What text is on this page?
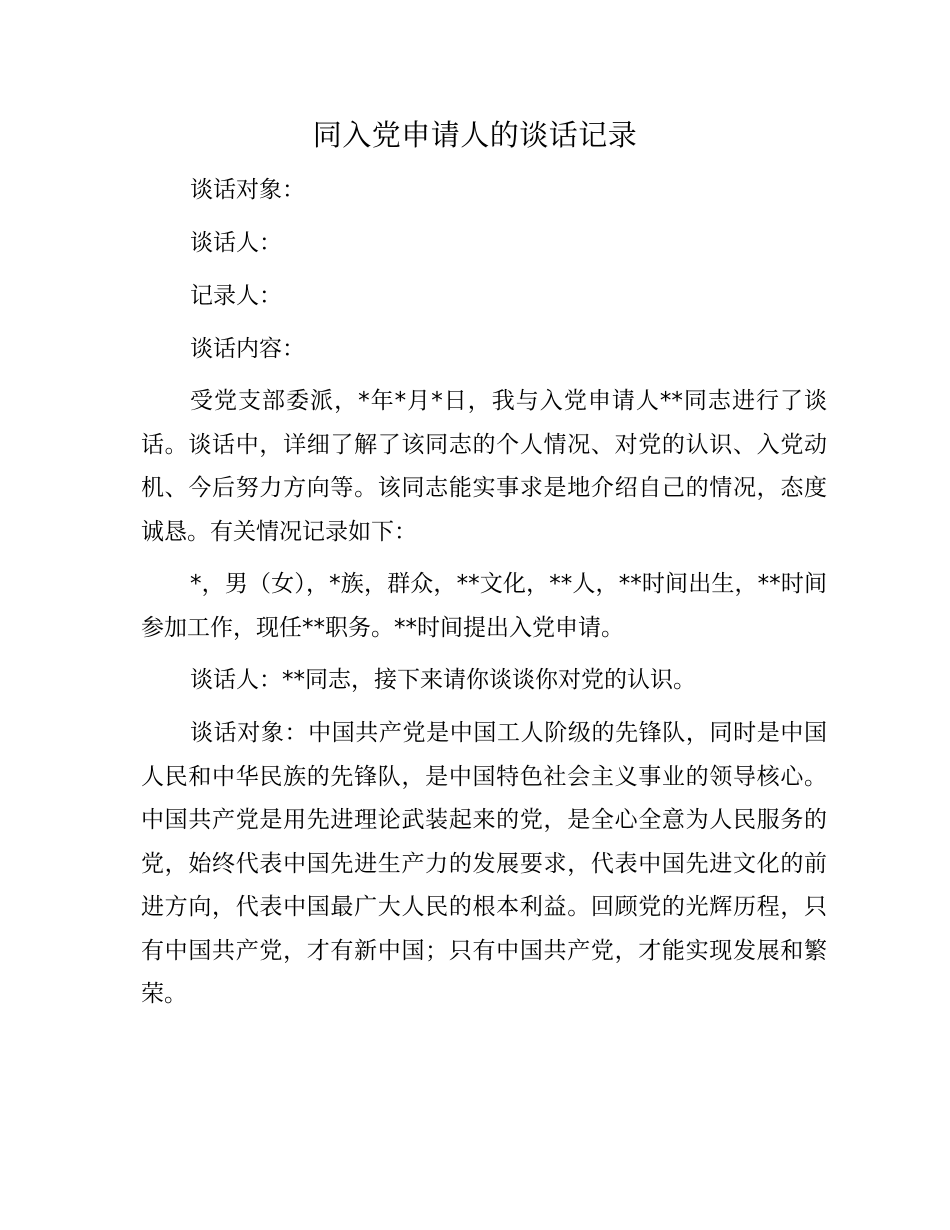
同入党申请人的谈话记录
谈话对象：
谈话人：
记录人：
谈话内容：
受党支部委派，*年*月*日，我与入党申请人**同志进行了谈话。谈话中，详细了解了该同志的个人情况、对党的认识、入党动机、今后努力方向等。该同志能实事求是地介绍自己的情况，态度诚恳。有关情况记录如下：
*，男（女），*族，群众，**文化，**人，**时间出生，**时间参加工作，现任**职务。**时间提出入党申请。
谈话人：**同志，接下来请你谈谈你对党的认识。
谈话对象：中国共产党是中国工人阶级的先锋队，同时是中国人民和中华民族的先锋队，是中国特色社会主义事业的领导核心。中国共产党是用先进理论武装起来的党，是全心全意为人民服务的党，始终代表中国先进生产力的发展要求，代表中国先进文化的前进方向，代表中国最广大人民的根本利益。回顾党的光辉历程，只有中国共产党，才有新中国；只有中国共产党，才能实现发展和繁荣。
